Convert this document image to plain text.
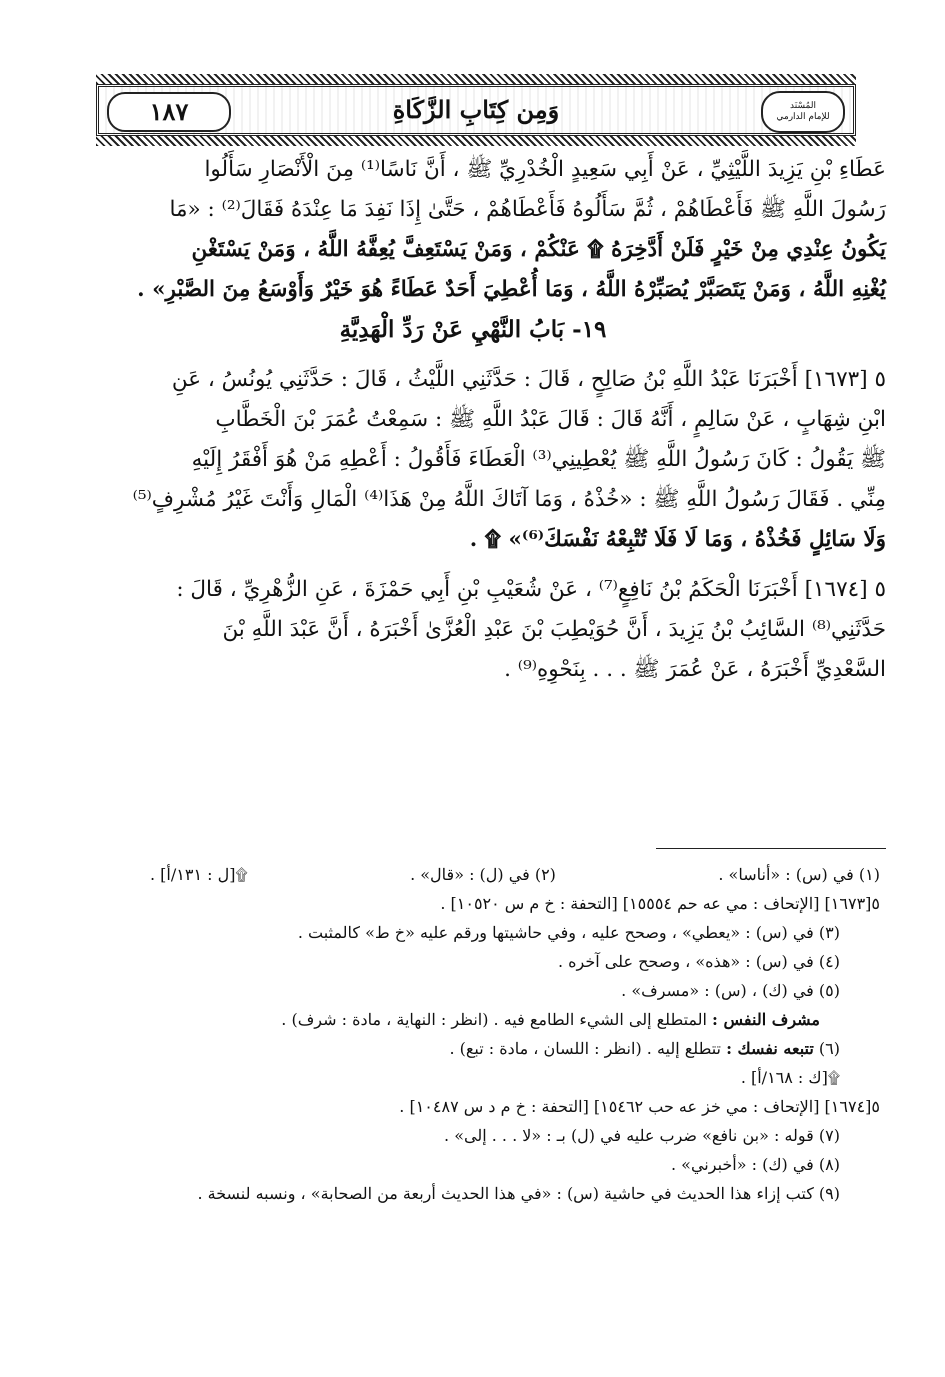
١٨٧	وَمِن كِتَابِ الزَّكَاةِ	المُسْنَد
للإمام الدارمي

عَطَاءِ بْنِ يَزِيدَ اللَّيْثِيِّ ، عَنْ أَبِي سَعِيدٍ الْخُدْرِيِّ ﷺ ، أَنَّ نَاسًا⁽¹⁾ مِنَ الْأَنْصَارِ سَأَلُوا

رَسُولَ اللَّهِ ﷺ فَأَعْطَاهُمْ ، ثُمَّ سَأَلُوهُ فَأَعْطَاهُمْ ، حَتَّىٰ إِذَا نَفِدَ مَا عِنْدَهُ فَقَالَ⁽²⁾ : «مَا

يَكُونُ عِنْدِي مِنْ خَيْرٍ فَلَنْ أَدَّخِرَهُ ۩ عَنْكُمْ ، وَمَنْ يَسْتَعِفَّ يُعِفَّهُ اللَّهُ ، وَمَنْ يَسْتَغْنِ

يُغْنِهِ اللَّهُ ، وَمَنْ يَتَصَبَّرْ يُصَبِّرْهُ اللَّهُ ، وَمَا أُعْطِيَ أَحَدٌ عَطَاءً هُوَ خَيْرٌ وَأَوْسَعُ مِنَ الصَّبْرِ» .

١٩- بَابُ النَّهْيِ عَنْ رَدِّ الْهَدِيَّةِ

٥ [١٦٧٣] أَخْبَرَنَا عَبْدُ اللَّهِ بْنُ صَالِحٍ ، قَالَ : حَدَّثَنِي اللَّيْثُ ، قَالَ : حَدَّثَنِي يُونُسُ ، عَنِ

ابْنِ شِهَابٍ ، عَنْ سَالِمٍ ، أَنَّهُ قَالَ : قَالَ عَبْدُ اللَّهِ ﷺ : سَمِعْتُ عُمَرَ بْنَ الْخَطَّابِ

ﷺ يَقُولُ : كَانَ رَسُولُ اللَّهِ ﷺ يُعْطِينِي⁽³⁾ الْعَطَاءَ فَأَقُولُ : أَعْطِهِ مَنْ هُوَ أَفْقَرُ إِلَيْهِ

مِنِّي . فَقَالَ رَسُولُ اللَّهِ ﷺ : «خُذْهُ ، وَمَا آتَاكَ اللَّهُ مِنْ هَذَا⁽⁴⁾ الْمَالِ وَأَنْتَ غَيْرُ مُشْرِفٍ⁽⁵⁾

وَلَا سَائِلٍ فَخُذْهُ ، وَمَا لَا فَلَا تُتْبِعْهُ نَفْسَكَ⁽⁶⁾» ۩ .

٥ [١٦٧٤] أَخْبَرَنَا الْحَكَمُ بْنُ نَافِعٍ⁽⁷⁾ ، عَنْ شُعَيْبِ بْنِ أَبِي حَمْزَةَ ، عَنِ الزُّهْرِيِّ ، قَالَ :

حَدَّثَنِي⁽⁸⁾ السَّائِبُ بْنُ يَزِيدَ ، أَنَّ حُوَيْطِبَ بْنَ عَبْدِ الْعُزَّىٰ أَخْبَرَهُ ، أَنَّ عَبْدَ اللَّهِ بْنَ

السَّعْدِيِّ أَخْبَرَهُ ، عَنْ عُمَرَ ﷺ . . . بِنَحْوِهِ⁽⁹⁾ .

(١) في (س) : «أناسا» .
(٢) في (ل) : «قال» .
۩[ل : ١٣١/أ] .
٥[١٦٧٣] [الإتحاف : مي عه حم ١٥٥٥٤] [التحفة : خ م س ١٠٥٢٠] .
(٣) في (س) : «يعطي» ، وصحح عليه ، وفي حاشيتها ورقم عليه «خ ط» كالمثبت .
(٤) في (س) : «هذه» ، وصحح على آخره .
(٥) في (ك) ، (س) : «مسرف» .
مشرف النفس : المتطلع إلى الشيء الطامع فيه . (انظر : النهاية ، مادة : شرف) .
(٦) تتبعه نفسك : تتطلع إليه . (انظر : اللسان ، مادة : تبع) .
۩[ك : ١٦٨/أ] .
٥[١٦٧٤] [الإتحاف : مي خز عه حب ١٥٤٦٢] [التحفة : خ م د س ١٠٤٨٧] .
(٧) قوله : «بن نافع» ضرب عليه في (ل) بـ : «لا . . . إلى» .
(٨) في (ك) : «أخبرني» .
(٩) كتب إزاء هذا الحديث في حاشية (س) : «في هذا الحديث أربعة من الصحابة» ، ونسبه لنسخة .
